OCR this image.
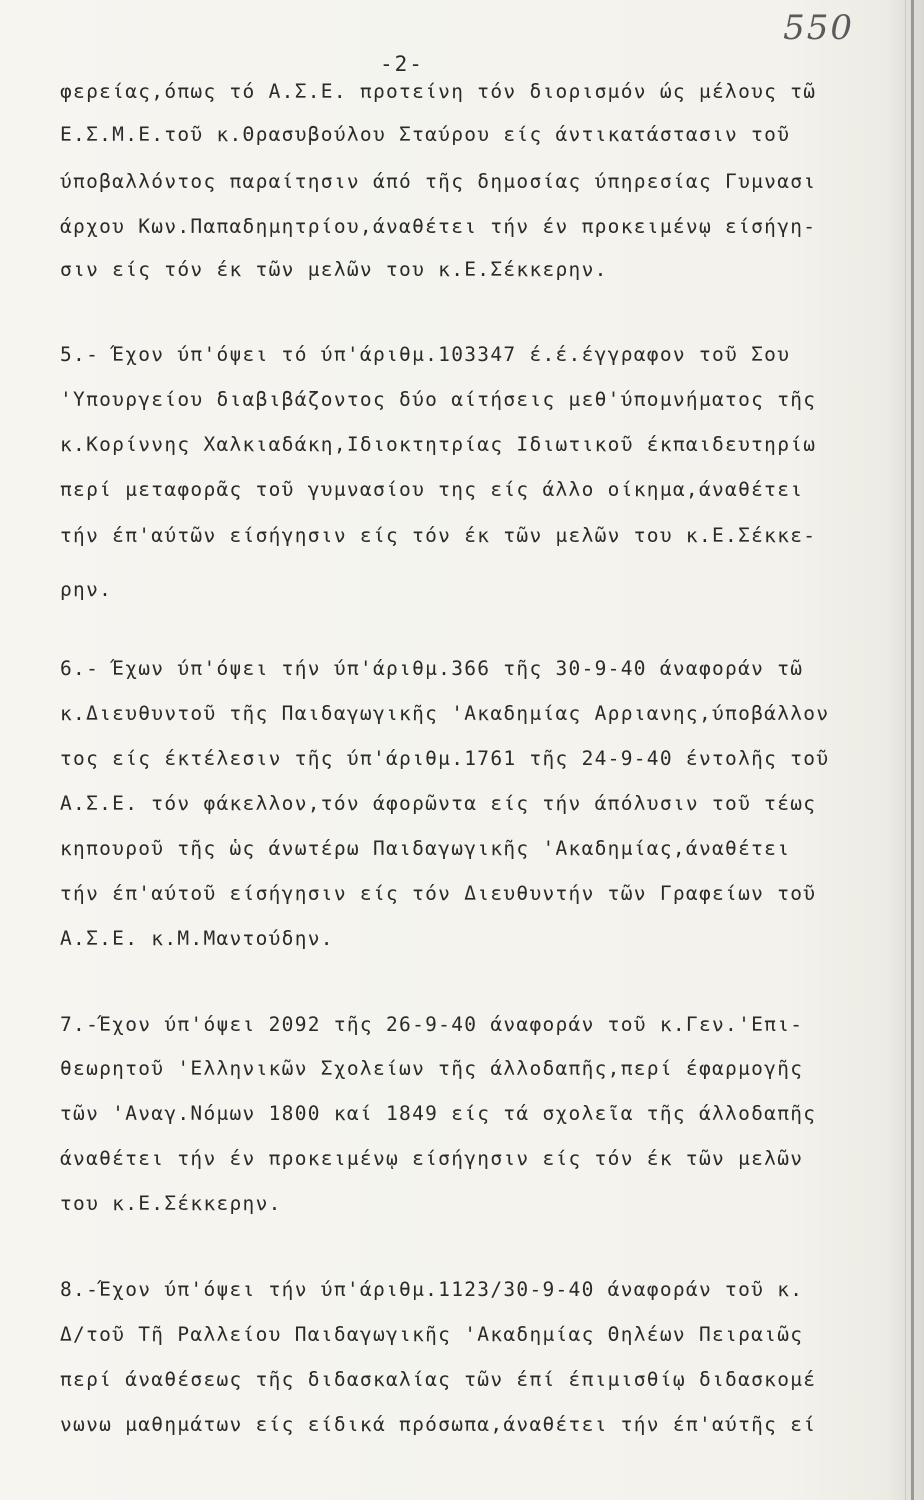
550
-2-
φερείας,όπως τό Α.Σ.Ε. προτείνη τόν διορισμόν ώς μέλους τῶ
Ε.Σ.Μ.Ε.τοῦ κ.Θρασυβούλου Σταύρου είς άντικατάστασιν τοῦ
ύποβαλλόντος παραίτησιν άπό τῆς δημοσίας ύπηρεσίας Γυμνασι
άρχου Κων.Παπαδημητρίου,άναθέτει τήν έν προκειμένῳ είσήγη-
σιν είς τόν έκ τῶν μελῶν του κ.Ε.Σέκκερην.
5.- Έχον ύπ'όψει τό ύπ'άριθμ.103347 έ.έ.έγγραφον τοῦ Σου
'Υπουργείου διαβιβάζοντος δύο αίτήσεις μεθ'ύπομνήματος τῆς
κ.Κορίννης Χαλκιαδάκη,Ιδιοκτητρίας Ιδιωτικοῦ έκπαιδευτηρίω
περί μεταφορᾶς τοῦ γυμνασίου της είς άλλο οίκημα,άναθέτει
τήν έπ'αύτῶν είσήγησιν είς τόν έκ τῶν μελῶν του κ.Ε.Σέκκε-
ρην.
6.- Έχων ύπ'όψει τήν ύπ'άριθμ.366 τῆς 30-9-40 άναφοράν τῶ
κ.Διευθυντοῦ τῆς Παιδαγωγικῆς 'Ακαδημίας Αρριανης,ύποβάλλον
τος είς έκτέλεσιν τῆς ύπ'άριθμ.1761 τῆς 24-9-40 έντολῆς τοῦ
Α.Σ.Ε. τόν φάκελλον,τόν άφορῶντα είς τήν άπόλυσιν τοῦ τέως
κηπουροῦ τῆς ὡς άνωτέρω Παιδαγωγικῆς 'Ακαδημίας,άναθέτει
τήν έπ'αύτοῦ είσήγησιν είς τόν Διευθυντήν τῶν Γραφείων τοῦ
Α.Σ.Ε. κ.Μ.Μαντούδην.
7.-Έχον ύπ'όψει 2092 τῆς 26-9-40 άναφοράν τοῦ κ.Γεν.'Επι-
θεωρητοῦ 'Ελληνικῶν Σχολείων τῆς άλλοδαπῆς,περί έφαρμογῆς
τῶν 'Αναγ.Νόμων 1800 καί 1849 είς τά σχολεῖα τῆς άλλοδαπῆς
άναθέτει τήν έν προκειμένῳ είσήγησιν είς τόν έκ τῶν μελῶν
του κ.Ε.Σέκκερην.
8.-Έχον ύπ'όψει τήν ύπ'άριθμ.1123/30-9-40 άναφοράν τοῦ κ.
Δ/τοῦ Τῆ Ραλλείου Παιδαγωγικῆς 'Ακαδημίας Θηλέων Πειραιῶς
περί άναθέσεως τῆς διδασκαλίας τῶν έπί έπιμισθίῳ διδασκομέ
νωνω μαθημάτων είς είδικά πρόσωπα,άναθέτει τήν έπ'αύτῆς εί
